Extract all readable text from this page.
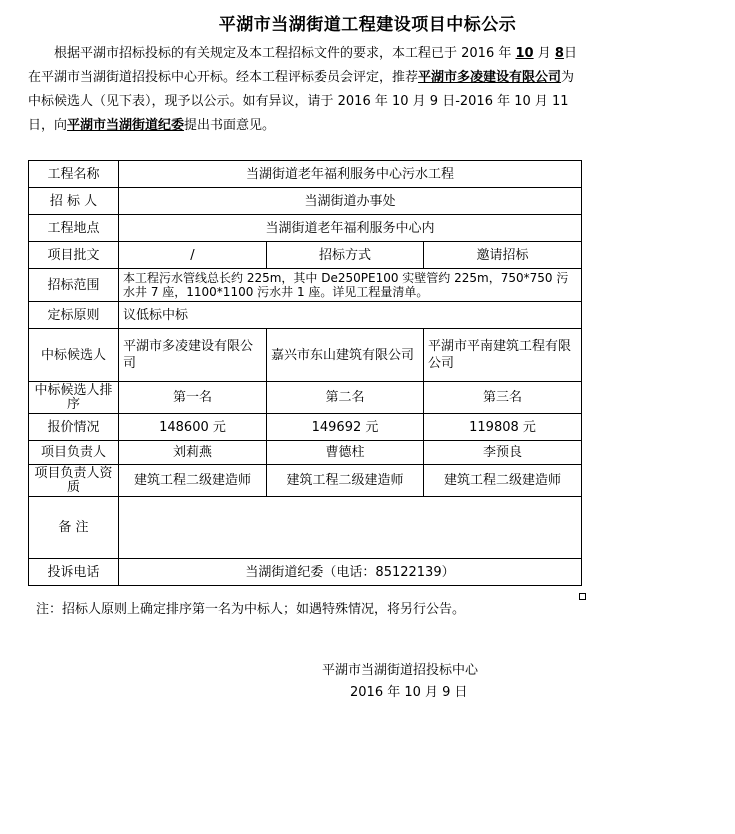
平湖市当湖街道工程建设项目中标公示
根据平湖市招标投标的有关规定及本工程招标文件的要求，本工程已于 2016 年 10 月 8日在平湖市当湖街道招投标中心开标。经本工程评标委员会评定，推荐平湖市多凌建设有限公司为中标候选人（见下表），现予以公示。如有异议，请于 2016 年 10 月 9 日-2016 年 10 月 11 日，向平湖市当湖街道纪委提出书面意见。
工程名称	当湖街道老年福利服务中心污水工程		
招 标 人	当湖街道办事处		
工程地点	当湖街道老年福利服务中心内		
项目批文	/	招标方式	邀请招标
招标范围	本工程污水管线总长约 225m，其中 De250PE100 实壁管约 225m，750*750 污水井 7 座，1100*1100 污水井 1 座。详见工程量清单。		
定标原则	议低标中标		
中标候选人	平湖市多凌建设有限公司	嘉兴市东山建筑有限公司	平湖市平南建筑工程有限公司
中标候选人排序	第一名	第二名	第三名
报价情况	148600 元	149692 元	119808 元
项目负责人	刘莉燕	曹德柱	李预良
项目负责人资质	建筑工程二级建造师	建筑工程二级建造师	建筑工程二级建造师
备 注			
投诉电话	当湖街道纪委（电话：85122139）		
注：招标人原则上确定排序第一名为中标人；如遇特殊情况，将另行公告。
平湖市当湖街道招投标中心
2016 年 10 月 9 日
